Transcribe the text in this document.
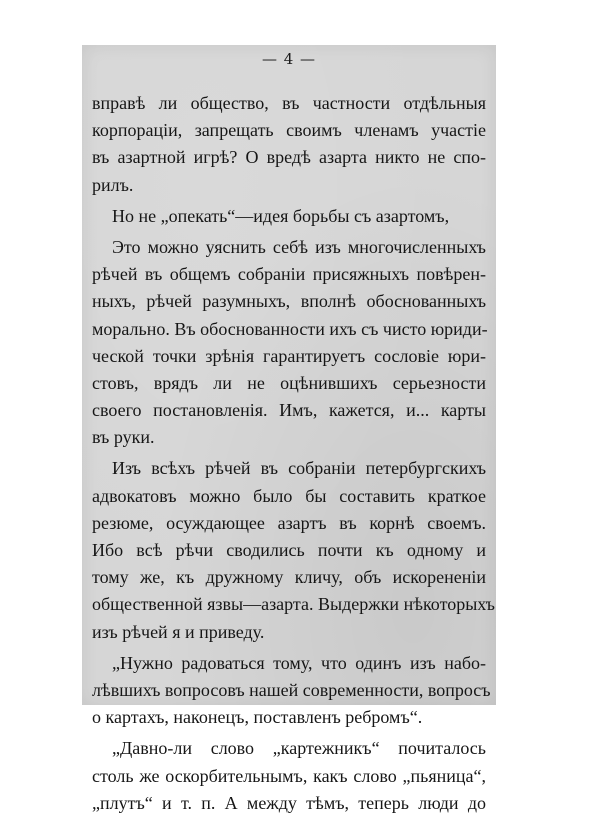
— 4 —

вправѣ ли общество, въ частности отдѣльныя
корпораціи, запрещать своимъ членамъ участіе
въ азартной игрѣ? О вредѣ азарта никто не спо-
рилъ.

Но не „опекать“—идея борьбы съ азартомъ,

Это можно уяснить себѣ изъ многочисленныхъ
рѣчей въ общемъ собраніи присяжныхъ повѣрен-
ныхъ, рѣчей разумныхъ, вполнѣ обоснованныхъ
морально. Въ обоснованности ихъ съ чисто юриди-
ческой точки зрѣнія гарантируетъ сословіе юри-
стовъ, врядъ ли не оцѣнившихъ серьезности
своего постановленія. Имъ, кажется, и... карты
въ руки.

Изъ всѣхъ рѣчей въ собраніи петербургскихъ
адвокатовъ можно было бы составить краткое
резюме, осуждающее азартъ въ корнѣ своемъ.
Ибо всѣ рѣчи сводились почти къ одному и
тому же, къ дружному кличу, объ искорененіи
общественной язвы—азарта. Выдержки нѣкоторыхъ
изъ рѣчей я и приведу.

„Нужно радоваться тому, что одинъ изъ набо-
лѣвшихъ вопросовъ нашей современности, вопросъ
о картахъ, наконецъ, поставленъ ребромъ“.

„Давно-ли слово „картежникъ“ почиталось
столь же оскорбительнымъ, какъ слово „пьяница“,
„плутъ“ и т. п. А между тѣмъ, теперь люди до
